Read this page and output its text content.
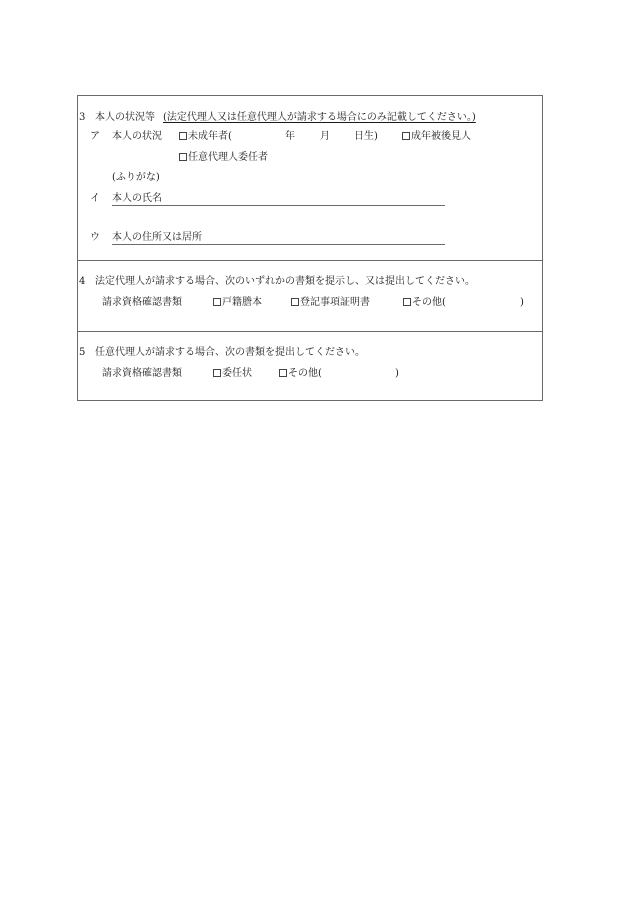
3 本人の状況等 (法定代理人又は任意代理人が請求する場合にのみ記載してください。)
ア 本人の状況	未成年者(	年	月 日生)	成年被後見人
任意代理人委任者
(ふりがな)
イ 本人の氏名
ウ 本人の住所又は居所
4 法定代理人が請求する場合、次のいずれかの書類を提示し、又は提出してください。
請求資格確認書類	戸籍謄本	登記事項証明書	その他(	)
5 任意代理人が請求する場合、次の書類を提出してください。
請求資格確認書類	委任状	その他(	)
